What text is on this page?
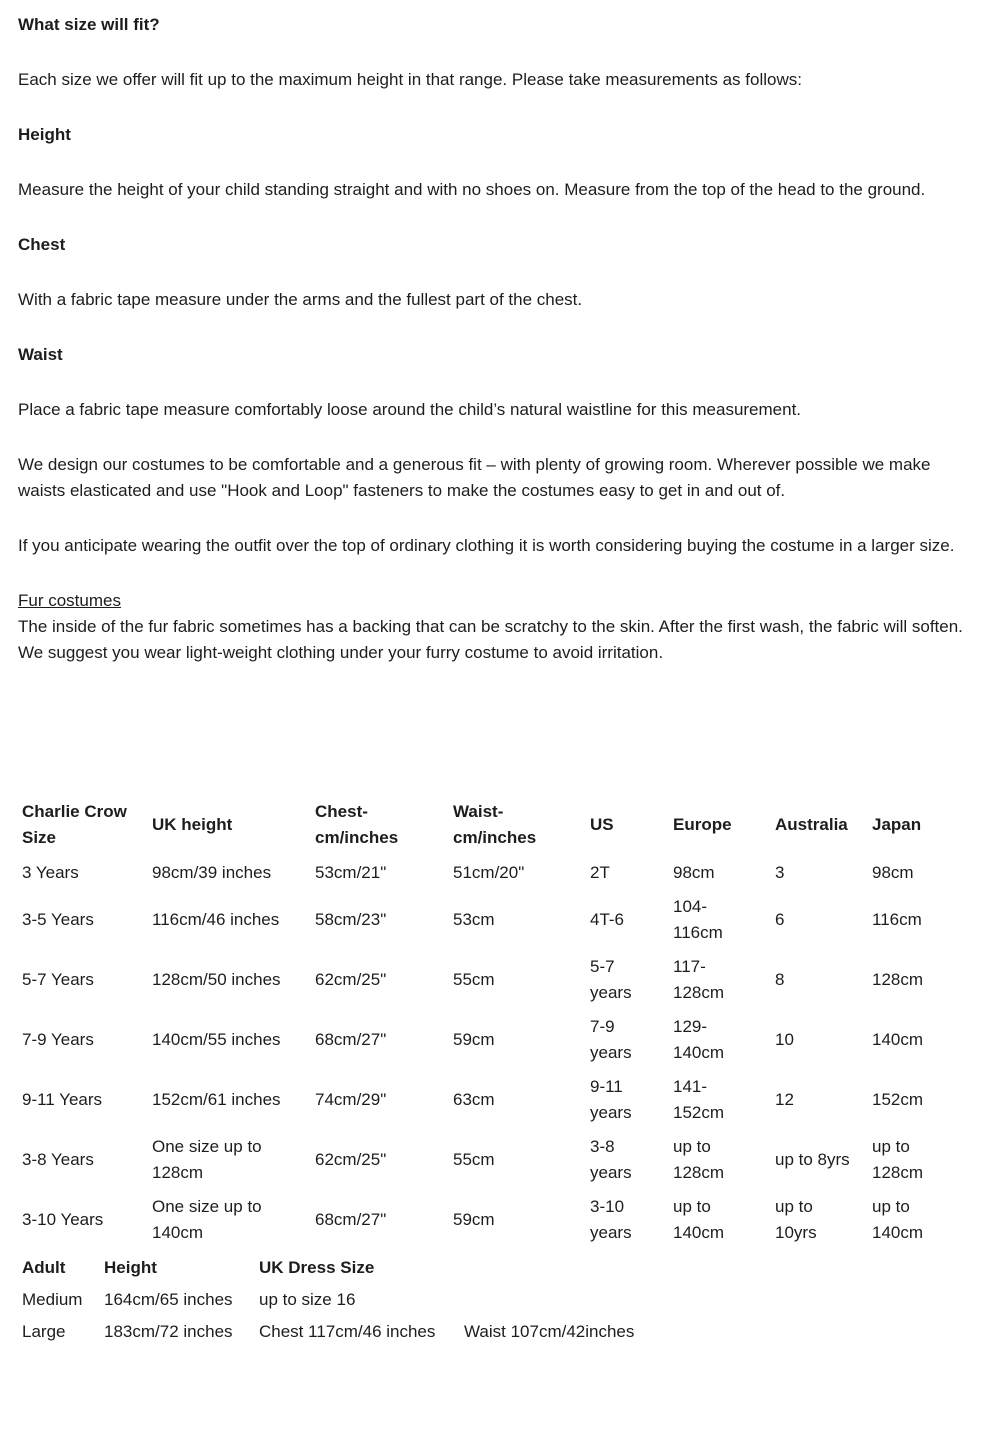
What size will fit?

Each size we offer will fit up to the maximum height in that range. Please take measurements as follows:

Height

Measure the height of your child standing straight and with no shoes on. Measure from the top of the head to the ground.

Chest

With a fabric tape measure under the arms and the fullest part of the chest.

Waist

Place a fabric tape measure comfortably loose around the child’s natural waistline for this measurement.

We design our costumes to be comfortable and a generous fit – with plenty of growing room. Wherever possible we make waists elasticated and use "Hook and Loop" fasteners to make the costumes easy to get in and out of.

If you anticipate wearing the outfit over the top of ordinary clothing it is worth considering buying the costume in a larger size.

Fur costumes

The inside of the fur fabric sometimes has a backing that can be scratchy to the skin. After the first wash, the fabric will soften. We suggest you wear light-weight clothing under your furry costume to avoid irritation.

Charlie Crow Size	UK height	Chest-cm/inches	Waist-cm/inches	US	Europe	Australia	Japan
3 Years	98cm/39 inches	53cm/21"	51cm/20"	2T	98cm	3	98cm
3-5 Years	116cm/46 inches	58cm/23"	53cm	4T-6	104-116cm	6	116cm
5-7 Years	128cm/50 inches	62cm/25"	55cm	5-7 years	117-128cm	8	128cm
7-9 Years	140cm/55 inches	68cm/27"	59cm	7-9 years	129-140cm	10	140cm
9-11 Years	152cm/61 inches	74cm/29"	63cm	9-11 years	141-152cm	12	152cm
3-8 Years	One size up to 128cm	62cm/25"	55cm	3-8 years	up to 128cm	up to 8yrs	up to 128cm
3-10 Years	One size up to 140cm	68cm/27"	59cm	3-10 years	up to 140cm	up to 10yrs	up to 140cm
Adult	Height	UK Dress Size	
Medium	164cm/65 inches	up to size 16	
Large	183cm/72 inches	Chest 117cm/46 inches	Waist 107cm/42inches
